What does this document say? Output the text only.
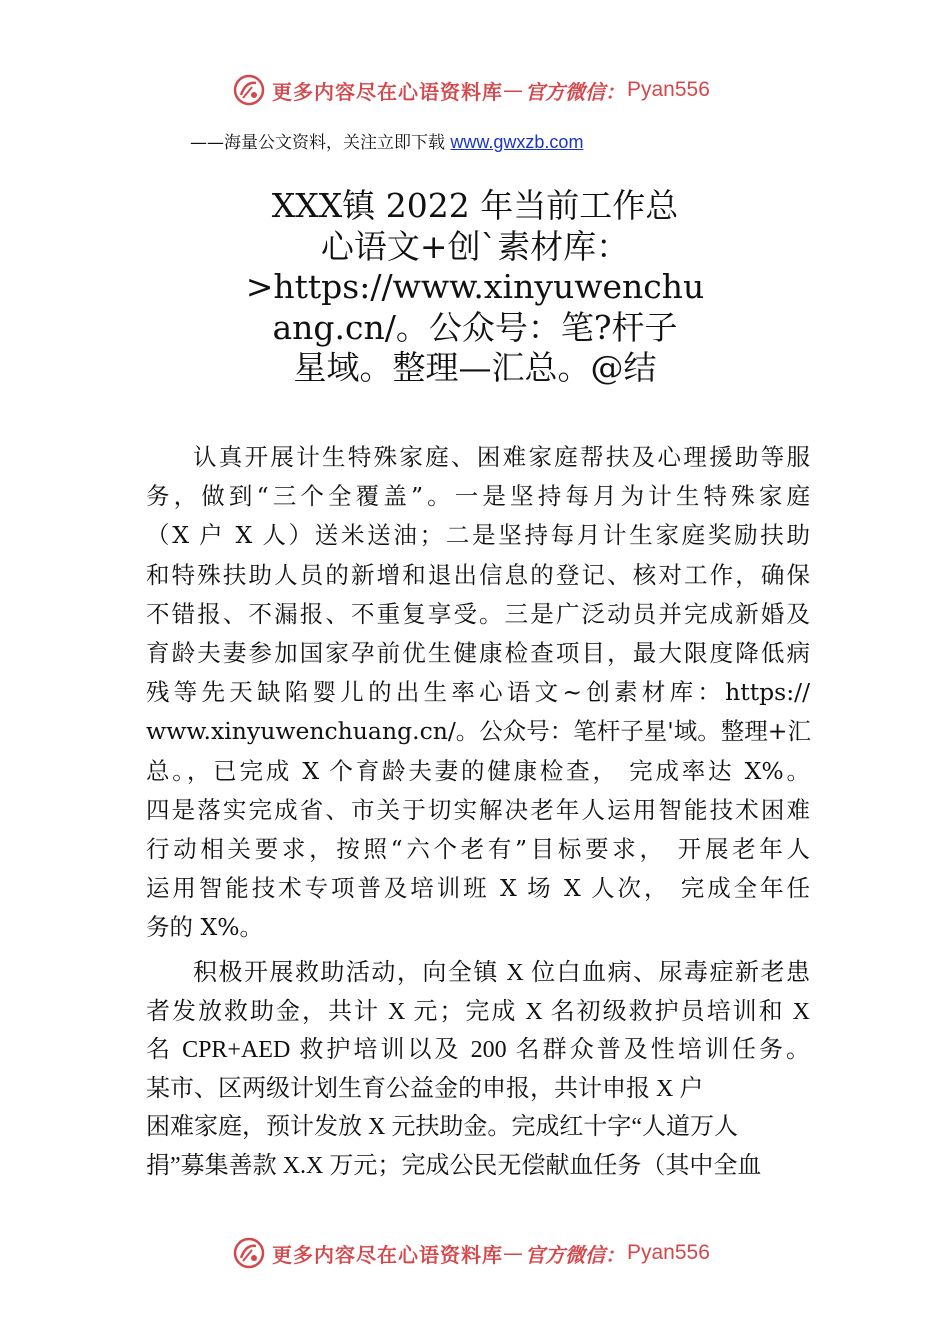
更多内容尽在心语资料库 — 官方微信： Pyan556
——海量公文资料，关注立即下载 www.gwxzb.com
XXX镇 2022 年当前工作总
心语文+创`素材库：
>https://www.xinyuwenchu
ang.cn/。公众号：笔?杆子
星域。整理—汇总。@结
认真开展计生特殊家庭、困难家庭帮扶及心理援助等服
务，做到“三个全覆盖”。一是坚持每月为计生特殊家庭
（X 户 X 人）送米送油；二是坚持每月计生家庭奖励扶助
和特殊扶助人员的新增和退出信息的登记、核对工作，确保
不错报、不漏报、不重复享受。三是广泛动员并完成新婚及
育龄夫妻参加国家孕前优生健康检查项目，最大限度降低病
残等先天缺陷婴儿的出生率心语文~创素材库：https://
www.xinyuwenchuang.cn/。公众号：笔杆子星'域。整理+汇
总。，已完成 X 个育龄夫妻的健康检查， 完成率达 X%。
四是落实完成省、市关于切实解决老年人运用智能技术困难
行动相关要求，按照“六个老有”目标要求， 开展老年人
运用智能技术专项普及培训班 X 场 X 人次， 完成全年任
务的 X%。
积极开展救助活动，向全镇 X 位白血病、尿毒症新老患
者发放救助金，共计 X 元；完成 X 名初级救护员培训和 X
名 CPR+AED 救护培训以及 200 名群众普及性培训任务。
某市、区两级计划生育公益金的申报，共计申报 X 户
困难家庭，预计发放 X 元扶助金。完成红十字“人道万人
捐”募集善款 X.X 万元；完成公民无偿献血任务（其中全血
更多内容尽在心语资料库 — 官方微信： Pyan556
